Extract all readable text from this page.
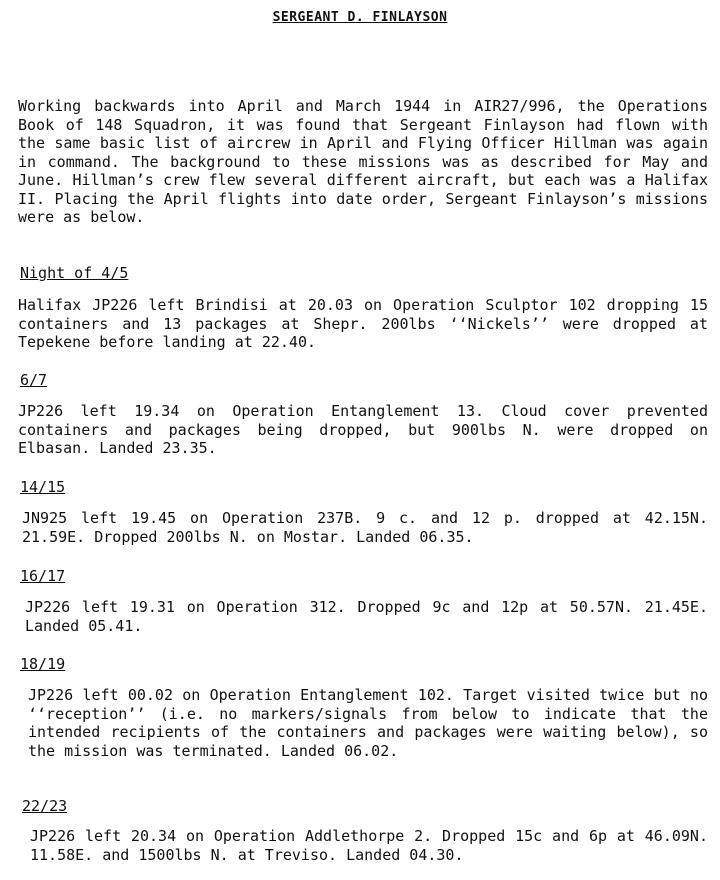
SERGEANT D. FINLAYSON
Working backwards into April and March 1944 in AIR27/996, the Operations Book of 148 Squadron, it was found that Sergeant Finlayson had flown with the same basic list of aircrew in April and Flying Officer Hillman was again in command. The background to these missions was as described for May and June. Hillman’s crew flew several different aircraft, but each was a Halifax II. Placing the April flights into date order, Sergeant Finlayson’s missions were as below.
Night of 4/5
Halifax JP226 left Brindisi at 20.03 on Operation Sculptor 102 dropping 15 containers and 13 packages at Shepr. 200lbs ‘‘Nickels’’ were dropped at Tepekene before landing at 22.40.
6/7
JP226 left 19.34 on Operation Entanglement 13. Cloud cover prevented containers and packages being dropped, but 900lbs N. were dropped on Elbasan. Landed 23.35.
14/15
JN925 left 19.45 on Operation 237B. 9 c. and 12 p. dropped at 42.15N. 21.59E. Dropped 200lbs N. on Mostar. Landed 06.35.
16/17
JP226 left 19.31 on Operation 312. Dropped 9c and 12p at 50.57N. 21.45E. Landed 05.41.
18/19
JP226 left 00.02 on Operation Entanglement 102. Target visited twice but no ‘‘reception’’ (i.e. no markers/signals from below to indicate that the intended recipients of the containers and packages were waiting below), so the mission was terminated. Landed 06.02.
22/23
JP226 left 20.34 on Operation Addlethorpe 2. Dropped 15c and 6p at 46.09N. 11.58E. and 1500lbs N. at Treviso. Landed 04.30.
